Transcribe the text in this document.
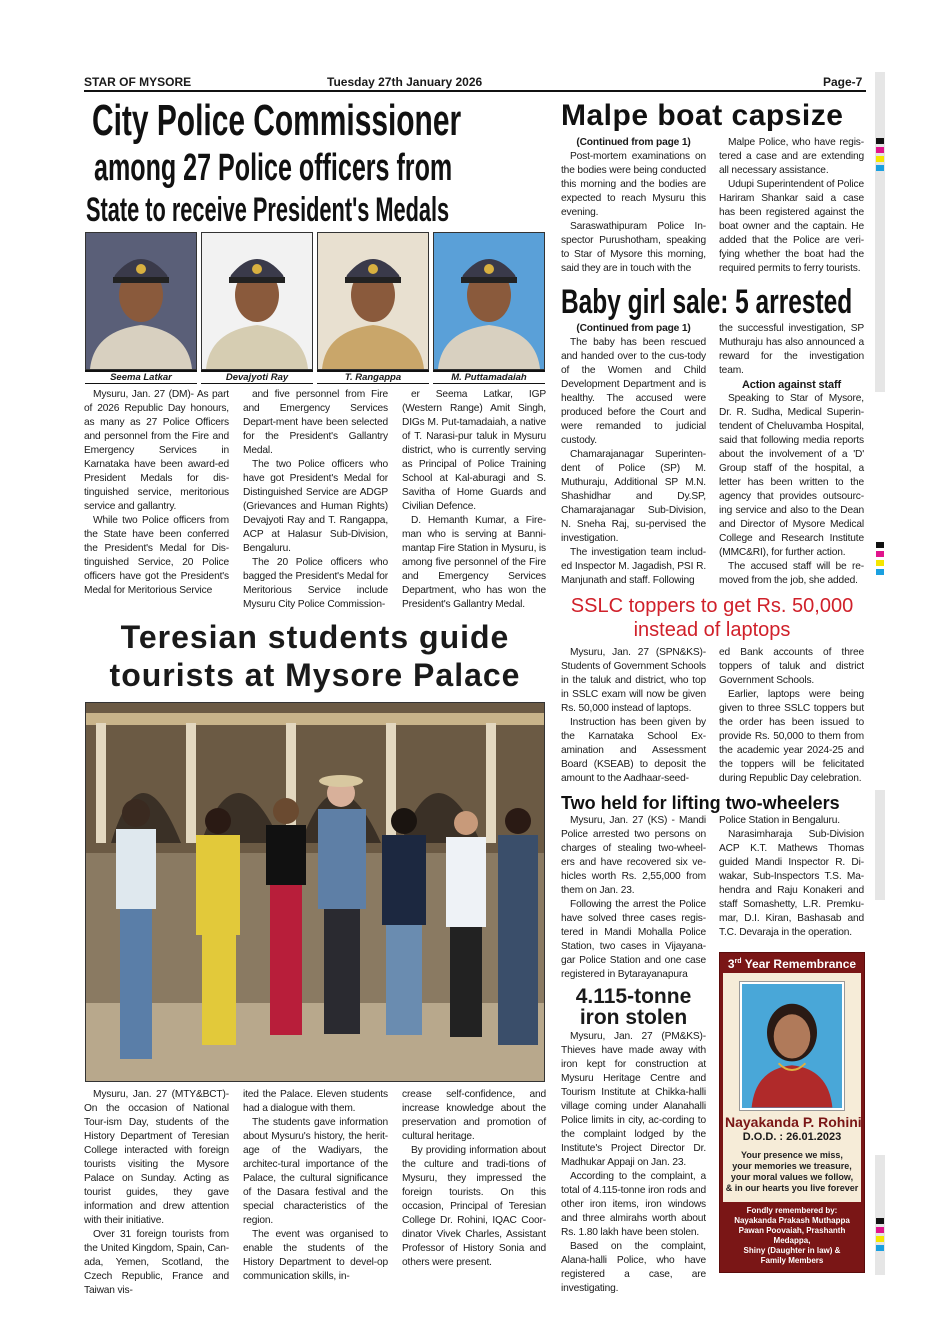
STAR OF MYSORE	Tuesday 27th January 2026	Page-7
City Police Commissioner
among 27 Police officers from
State to receive President's Medals
Seema Latkar	Devajyoti Ray	T. Rangappa	M. Puttamadaiah

Mysuru, Jan. 27 (DM)- As part of 2026 Republic Day honours, as many as 27 Police Officers and personnel from the Fire and Emergency Services in Karnataka have been award-ed President Medals for dis-tinguished service, meritorious service and gallantry.

While two Police officers from the State have been conferred the President's Medal for Dis-tinguished Service, 20 Police officers have got the President's Medal for Meritorious Service

and five personnel from Fire and Emergency Services Depart-ment have been selected for the President's Gallantry Medal.

The two Police officers who have got President's Medal for Distinguished Service are ADGP (Grievances and Human Rights) Devajyoti Ray and T. Rangappa, ACP at Halasur Sub-Division, Bengaluru.

The 20 Police officers who bagged the President's Medal for Meritorious Service include Mysuru City Police Commission-

er Seema Latkar, IGP (Western Range) Amit Singh, DIGs M. Put-tamadaiah, a native of T. Narasi-pur taluk in Mysuru district, who is currently serving as Principal of Police Training School at Kal-aburagi and S. Savitha of Home Guards and Civilian Defence.

D. Hemanth Kumar, a Fire-man who is serving at Banni-mantap Fire Station in Mysuru, is among five personnel of the Fire and Emergency Services Department, who has won the President's Gallantry Medal.

Teresian students guide
tourists at Mysore Palace

Mysuru, Jan. 27 (MTY&BCT)- On the occasion of National Tour-ism Day, students of the History Department of Teresian College interacted with foreign tourists visiting the Mysore Palace on Sunday. Acting as tourist guides, they gave information and drew attention with their initiative.

Over 31 foreign tourists from the United Kingdom, Spain, Can-ada, Yemen, Scotland, the Czech Republic, France and Taiwan vis-

ited the Palace. Eleven students had a dialogue with them.

The students gave information about Mysuru's history, the herit-age of the Wadiyars, the architec-tural importance of the Palace, the cultural significance of the Dasara festival and the special characteristics of the region.

The event was organised to enable the students of the History Department to devel-op communication skills, in-

crease self-confidence, and increase knowledge about the preservation and promotion of cultural heritage.

By providing information about the culture and tradi-tions of Mysuru, they impressed the foreign tourists. On this occasion, Principal of Teresian College Dr. Rohini, IQAC Coor-dinator Vivek Charles, Assistant Professor of History Sonia and others were present.

Malpe boat capsize

(Continued from page 1)

Post-mortem examinations on the bodies were being conducted this morning and the bodies are expected to reach Mysuru this evening.

Saraswathipuram Police In-spector Purushotham, speaking to Star of Mysore this morning, said they are in touch with the

Malpe Police, who have regis-tered a case and are extending all necessary assistance.

Udupi Superintendent of Police Hariram Shankar said a case has been registered against the boat owner and the captain. He added that the Police are veri-fying whether the boat had the required permits to ferry tourists.

Baby girl sale: 5 arrested

(Continued from page 1)

The baby has been rescued and handed over to the cus-tody of the Women and Child Development Department and is healthy. The accused were produced before the Court and were remanded to judicial custody.

Chamarajanagar Superinten-dent of Police (SP) M. Muthuraju, Additional SP M.N. Shashidhar and Dy.SP, Chamarajanagar Sub-Division, N. Sneha Raj, su-pervised the investigation.

The investigation team includ-ed Inspector M. Jagadish, PSI R. Manjunath and staff. Following

the successful investigation, SP Muthuraju has also announced a reward for the investigation team.

Action against staff

Speaking to Star of Mysore, Dr. R. Sudha, Medical Superin-tendent of Cheluvamba Hospital, said that following media reports about the involvement of a 'D' Group staff of the hospital, a letter has been written to the agency that provides outsourc-ing service and also to the Dean and Director of Mysore Medical College and Research Institute (MMC&RI), for further action.

The accused staff will be re-moved from the job, she added.

SSLC toppers to get Rs. 50,000
instead of laptops

Mysuru, Jan. 27 (SPN&KS)- Students of Government Schools in the taluk and district, who top in SSLC exam will now be given Rs. 50,000 instead of laptops.

Instruction has been given by the Karnataka School Ex-amination and Assessment Board (KSEAB) to deposit the amount to the Aadhaar-seed-

ed Bank accounts of three toppers of taluk and district Government Schools.

Earlier, laptops were being given to three SSLC toppers but the order has been issued to provide Rs. 50,000 to them from the academic year 2024-25 and the toppers will be felicitated during Republic Day celebration.

Two held for lifting two-wheelers

Mysuru, Jan. 27 (KS) - Mandi Police arrested two persons on charges of stealing two-wheel-ers and have recovered six ve-hicles worth Rs. 2,55,000 from them on Jan. 23.

Following the arrest the Police have solved three cases regis-tered in Mandi Mohalla Police Station, two cases in Vijayana-gar Police Station and one case registered in Bytarayanapura

4.115-tonne
iron stolen

Mysuru, Jan. 27 (PM&KS)- Thieves have made away with iron kept for construction at Mysuru Heritage Centre and Tourism Institute at Chikka-halli village coming under Alanahalli Police limits in city, ac-cording to the complaint lodged by the Institute's Project Director Dr. Madhukar Appaji on Jan. 23.

According to the complaint, a total of 4.115-tonne iron rods and other iron items, iron windows and three almirahs worth about Rs. 1.80 lakh have been stolen.

Based on the complaint, Alana-halli Police, who have registered a case, are investigating.

Police Station in Bengaluru.

Narasimharaja Sub-Division ACP K.T. Mathews Thomas guided Mandi Inspector R. Di-wakar, Sub-Inspectors T.S. Ma-hendra and Raju Konakeri and staff Somashetty, L.R. Premku-mar, D.I. Kiran, Bashasab and T.C. Devaraja in the operation.

3rd Year Remembrance
Nayakanda P. Rohini
D.O.D. : 26.01.2023
Your presence we miss,
your memories we treasure,
your moral values we follow,
& in our hearts you live forever
Fondly remembered by:
Nayakanda Prakash Muthappa
Pawan Poovaiah, Prashanth Medappa,
Shiny (Daughter in law) &
Family Members
